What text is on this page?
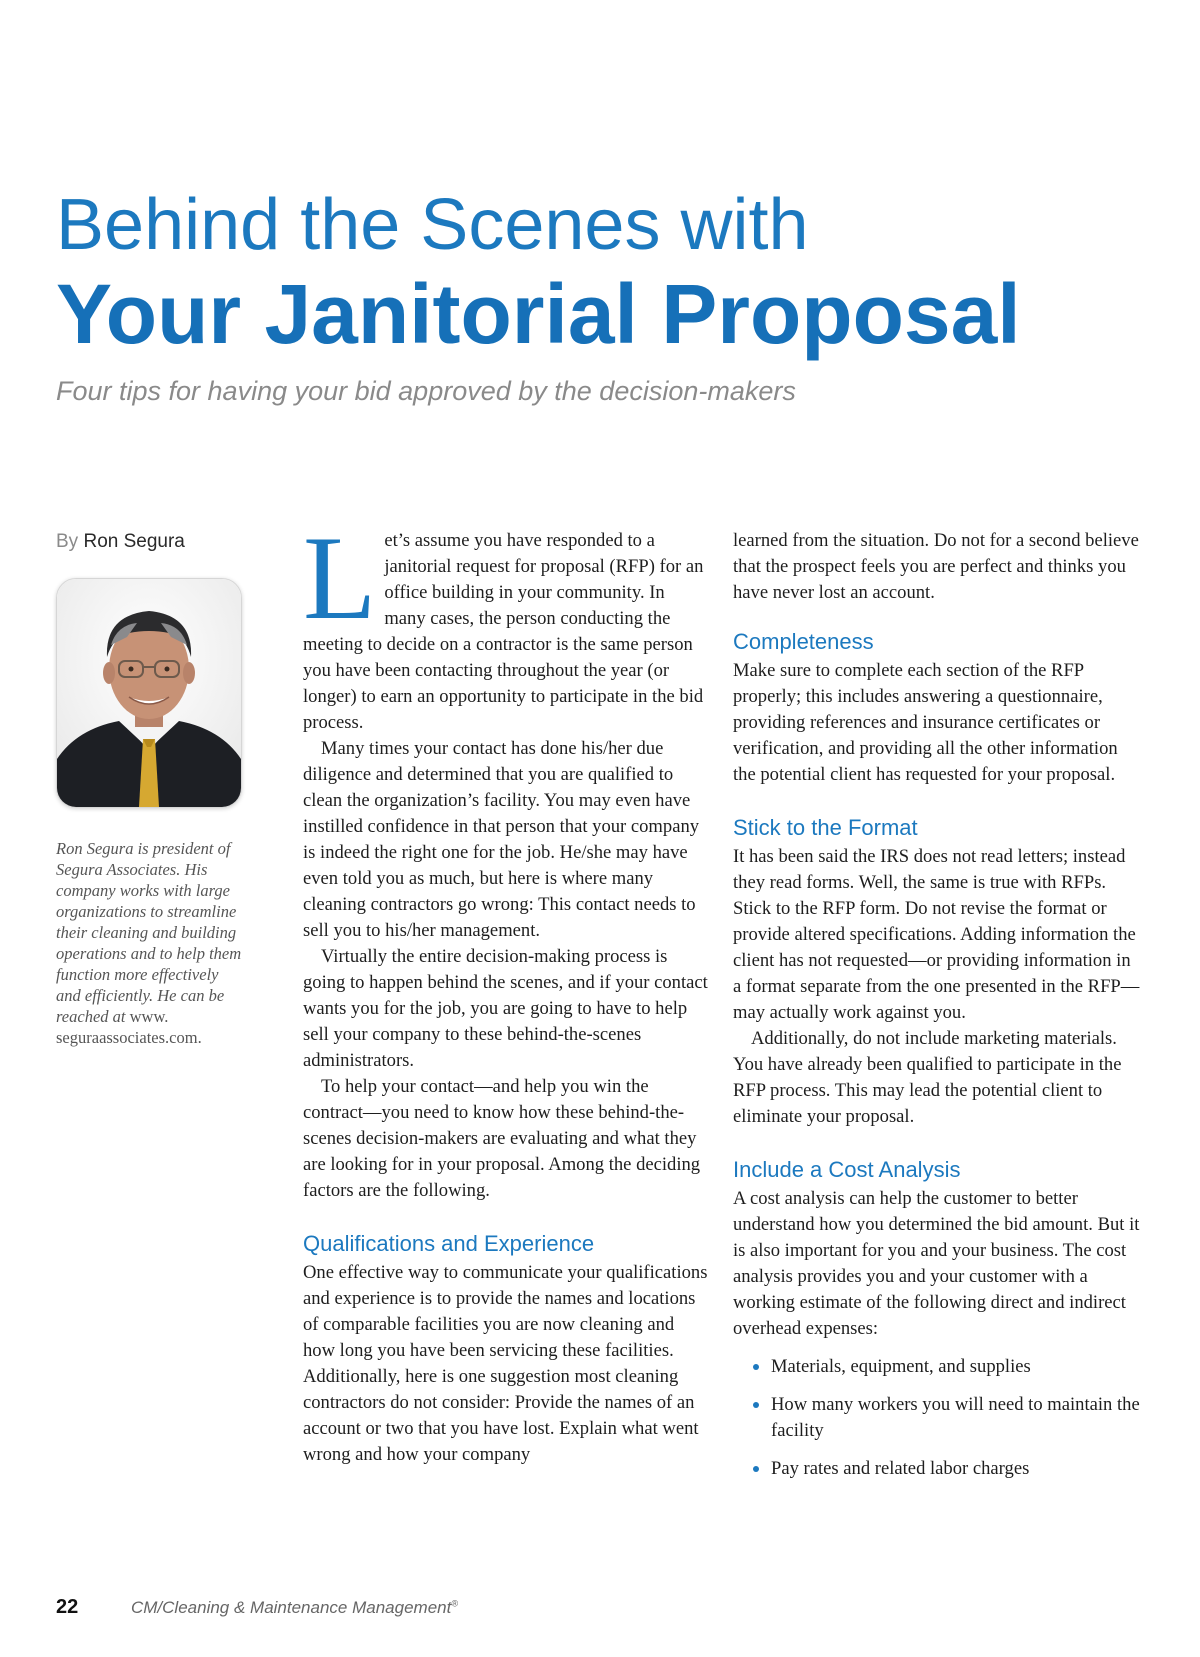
Behind the Scenes with
Your Janitorial Proposal
Four tips for having your bid approved by the decision-makers
By Ron Segura
Ron Segura is president of Segura Associates. His company works with large organizations to streamline their cleaning and building operations and to help them function more effectively and efficiently. He can be reached at www. seguraassociates.com.

Let’s assume you have responded to a janitorial request for proposal (RFP) for an office building in your community. In many cases, the person conducting the meeting to decide on a contractor is the same person you have been contacting throughout the year (or longer) to earn an opportunity to participate in the bid process.

Many times your contact has done his/her due diligence and determined that you are qualified to clean the organization’s facility. You may even have instilled confidence in that person that your company is indeed the right one for the job. He/she may have even told you as much, but here is where many cleaning contractors go wrong: This contact needs to sell you to his/her management.

Virtually the entire decision-making process is going to happen behind the scenes, and if your contact wants you for the job, you are going to have to help sell your company to these behind-the-scenes administrators.

To help your contact—and help you win the contract—you need to know how these behind-the-scenes decision-makers are evaluating and what they are looking for in your proposal. Among the deciding factors are the following.

Qualifications and Experience

One effective way to communicate your qualifications and experience is to provide the names and locations of comparable facilities you are now cleaning and how long you have been servicing these facilities. Additionally, here is one suggestion most cleaning contractors do not consider: Provide the names of an account or two that you have lost. Explain what went wrong and how your company

learned from the situation. Do not for a second believe that the prospect feels you are perfect and thinks you have never lost an account.

Completeness

Make sure to complete each section of the RFP properly; this includes answering a questionnaire, providing references and insurance certificates or verification, and providing all the other information the potential client has requested for your proposal.

Stick to the Format

It has been said the IRS does not read letters; instead they read forms. Well, the same is true with RFPs. Stick to the RFP form. Do not revise the format or provide altered specifications. Adding information the client has not requested—or providing information in a format separate from the one presented in the RFP—may actually work against you.

Additionally, do not include marketing materials. You have already been qualified to participate in the RFP process. This may lead the potential client to eliminate your proposal.

Include a Cost Analysis

A cost analysis can help the customer to better understand how you determined the bid amount. But it is also important for you and your business. The cost analysis provides you and your customer with a working estimate of the following direct and indirect overhead expenses:

Materials, equipment, and supplies
How many workers you will need to maintain the facility
Pay rates and related labor charges
22	CM/Cleaning & Maintenance Management®
